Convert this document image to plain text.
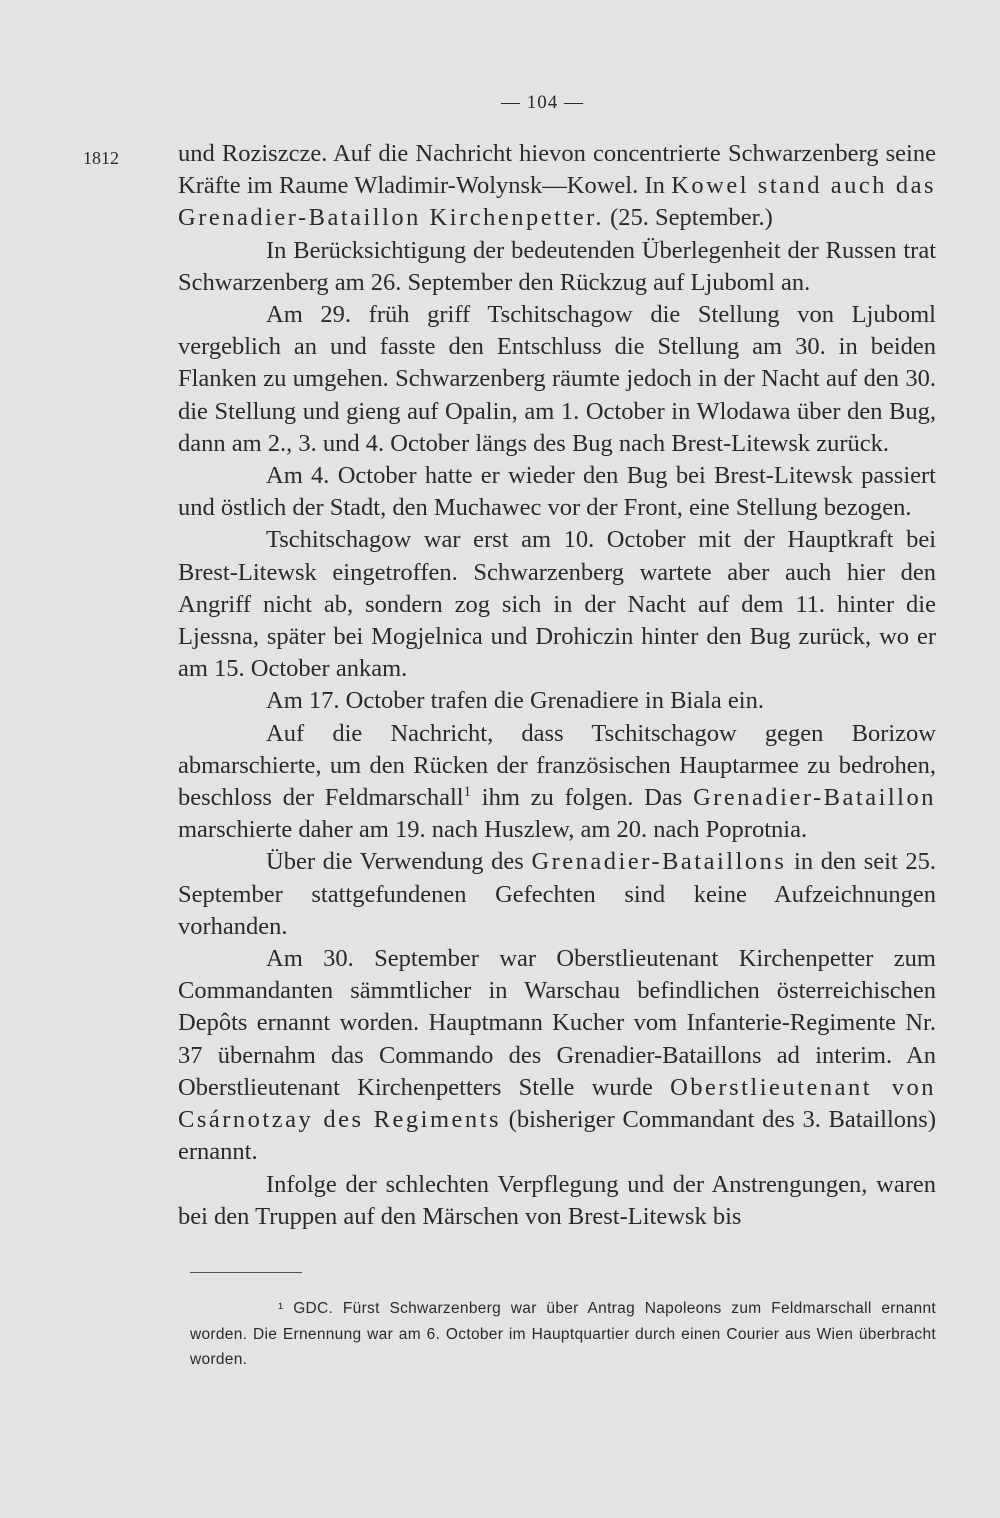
— 104 —
1812 und Roziszcze. Auf die Nachricht hievon concentrierte Schwarzenberg seine Kräfte im Raume Wladimir-Wolynsk—Kowel. In Kowel stand auch das Grenadier-Bataillon Kirchenpetter. (25. September.)

In Berücksichtigung der bedeutenden Überlegenheit der Russen trat Schwarzenberg am 26. September den Rückzug auf Ljuboml an.

Am 29. früh griff Tschitschagow die Stellung von Ljuboml vergeblich an und fasste den Entschluss die Stellung am 30. in beiden Flanken zu umgehen. Schwarzenberg räumte jedoch in der Nacht auf den 30. die Stellung und gieng auf Opalin, am 1. October in Wlodawa über den Bug, dann am 2., 3. und 4. October längs des Bug nach Brest-Litewsk zurück.

Am 4. October hatte er wieder den Bug bei Brest-Litewsk passiert und östlich der Stadt, den Muchawec vor der Front, eine Stellung bezogen.

Tschitschagow war erst am 10. October mit der Hauptkraft bei Brest-Litewsk eingetroffen. Schwarzenberg wartete aber auch hier den Angriff nicht ab, sondern zog sich in der Nacht auf dem 11. hinter die Ljessna, später bei Mogjelnica und Drohiczin hinter den Bug zurück, wo er am 15. October ankam.

Am 17. October trafen die Grenadiere in Biala ein.

Auf die Nachricht, dass Tschitschagow gegen Borizow abmarschierte, um den Rücken der französischen Hauptarmee zu bedrohen, beschloss der Feldmarschall$^1$ ihm zu folgen. Das Grenadier-Bataillon marschierte daher am 19. nach Huszlew, am 20. nach Poprotnia.

Über die Verwendung des Grenadier-Bataillons in den seit 25. September stattgefundenen Gefechten sind keine Aufzeichnungen vorhanden.

Am 30. September war Oberstlieutenant Kirchenpetter zum Commandanten sämmtlicher in Warschau befindlichen österreichischen Depôts ernannt worden. Hauptmann Kucher vom Infanterie-Regimente Nr. 37 übernahm das Commando des Grenadier-Bataillons ad interim. An Oberstlieutenant Kirchenpetters Stelle wurde Oberstlieutenant von Csárnotzay des Regiments (bisheriger Commandant des 3. Bataillons) ernannt.

Infolge der schlechten Verpflegung und der Anstrengungen, waren bei den Truppen auf den Märschen von Brest-Litewsk bis

¹ GDC. Fürst Schwarzenberg war über Antrag Napoleons zum Feldmarschall ernannt worden. Die Ernennung war am 6. October im Hauptquartier durch einen Courier aus Wien überbracht worden.
